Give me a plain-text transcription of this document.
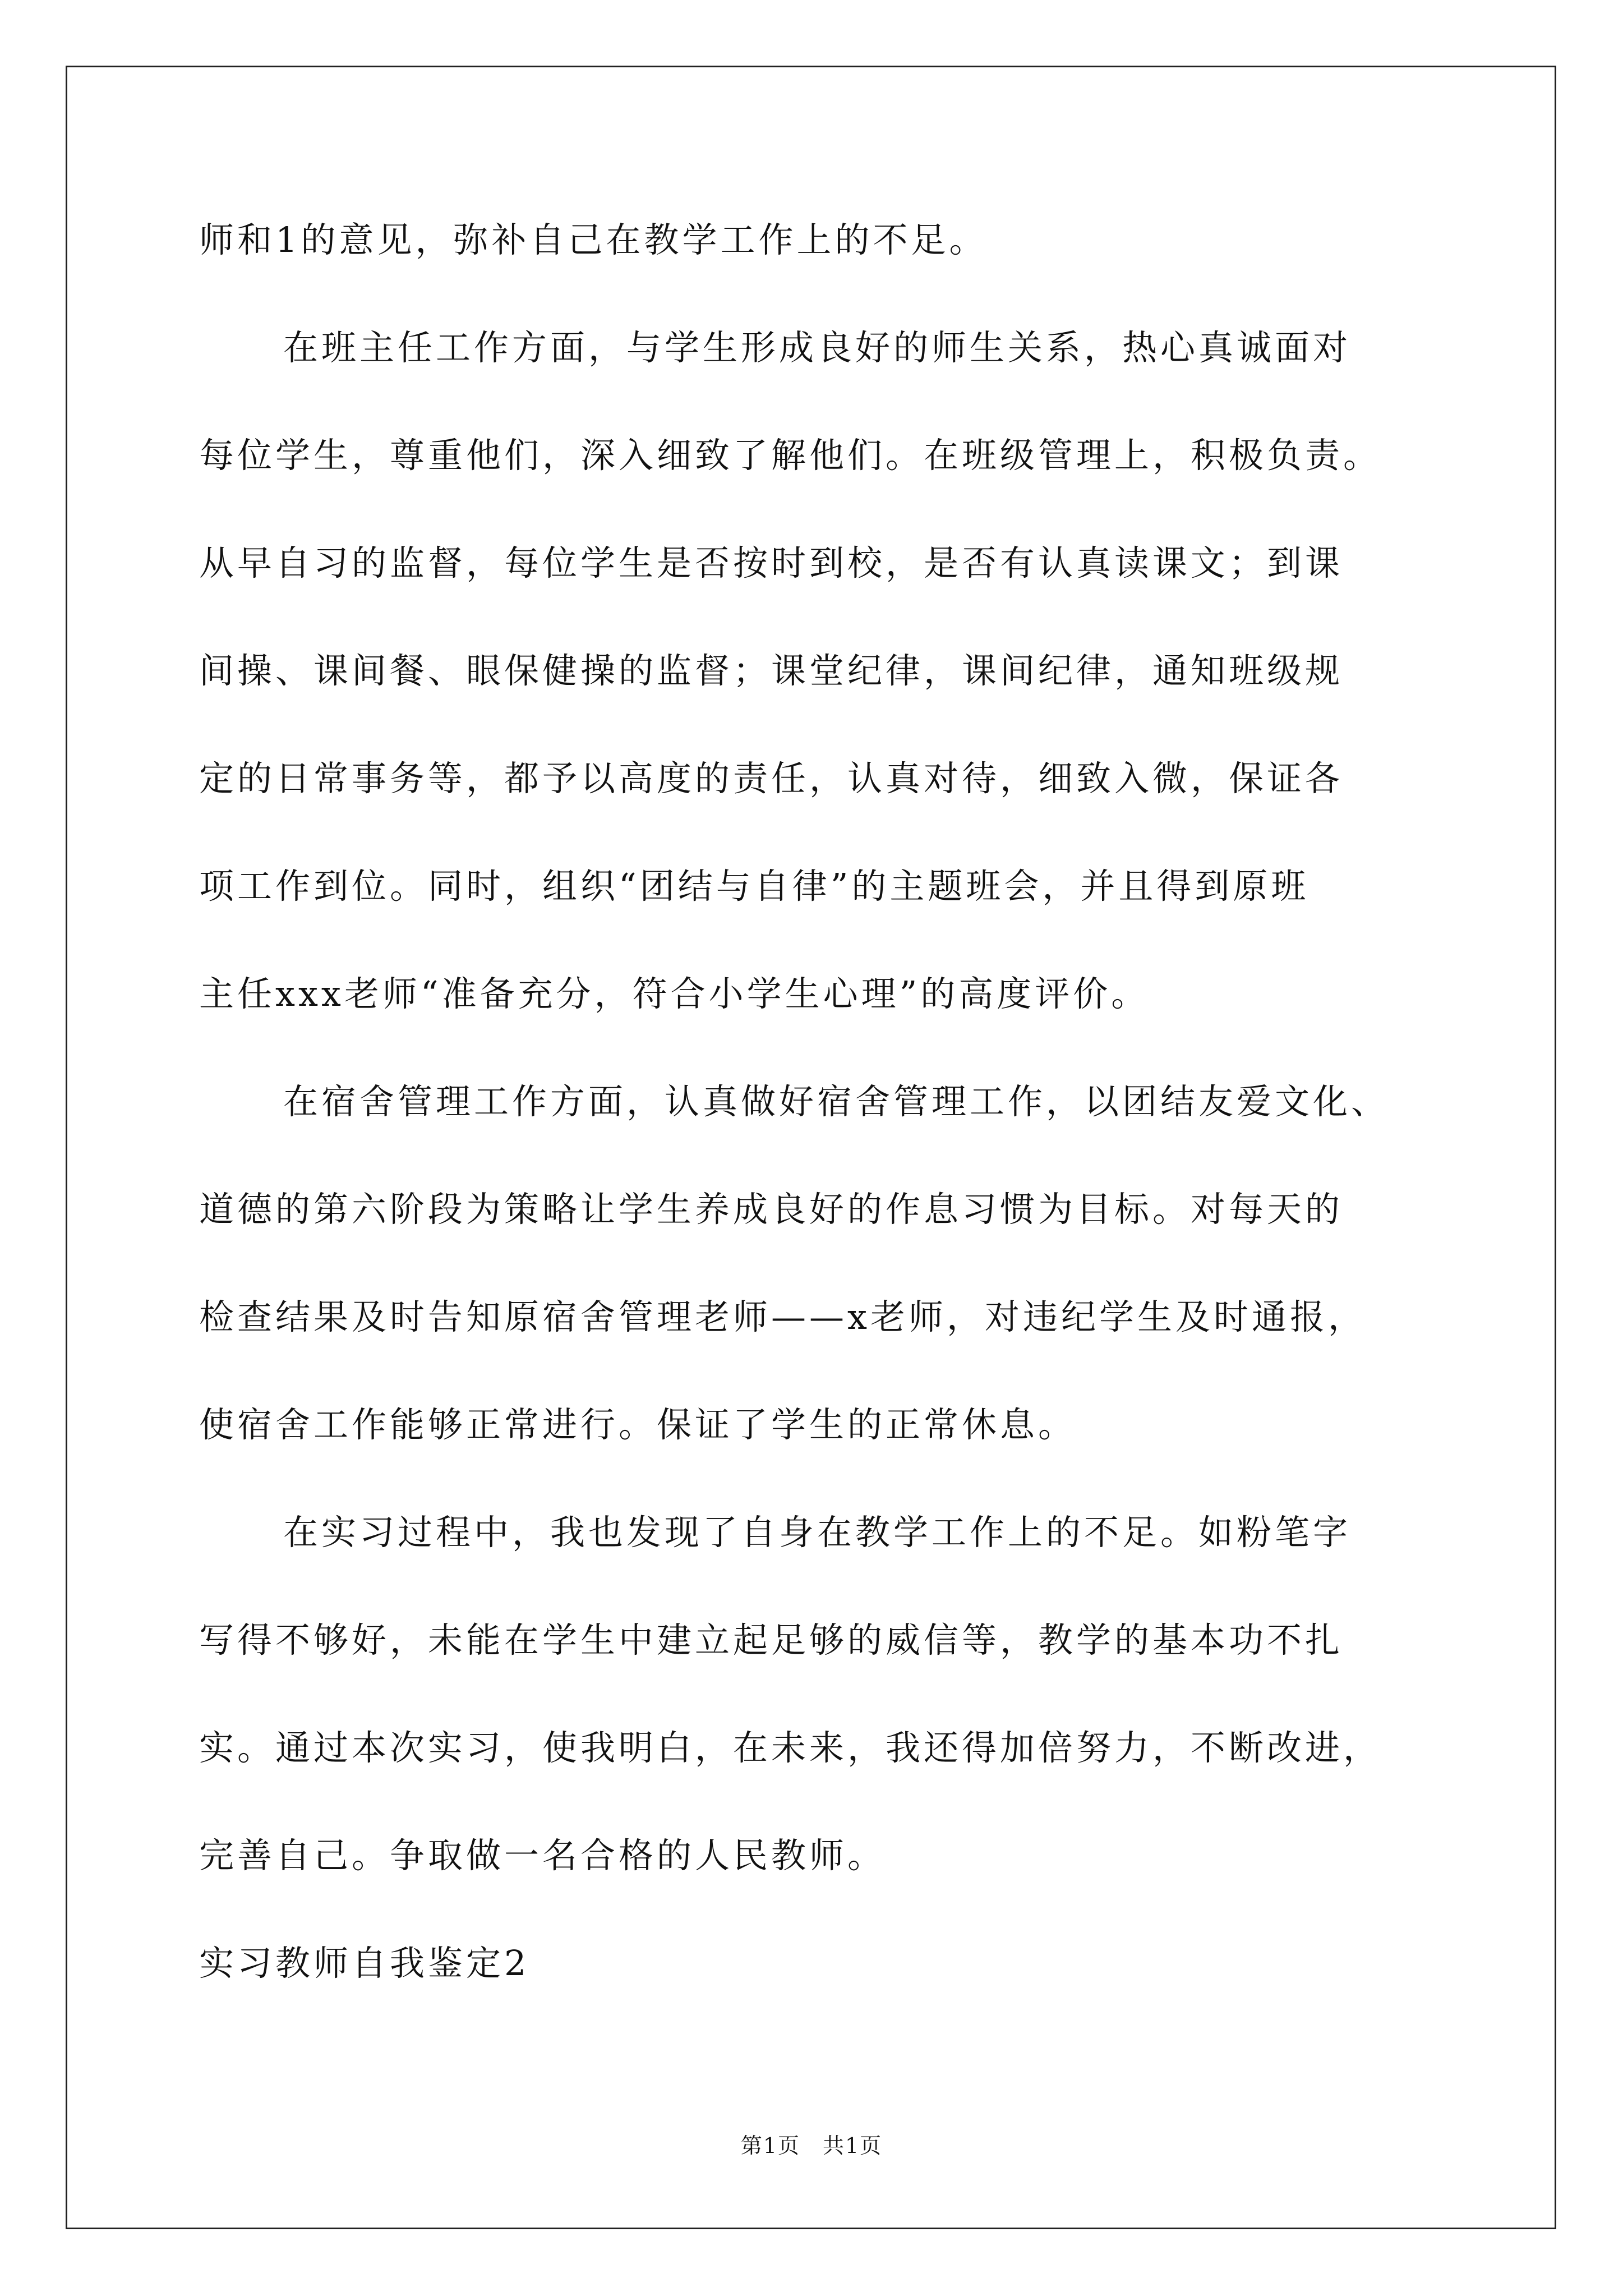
师和1的意见，弥补自己在教学工作上的不足。
在班主任工作方面，与学生形成良好的师生关系，热心真诚面对
每位学生，尊重他们，深入细致了解他们。在班级管理上，积极负责。
从早自习的监督，每位学生是否按时到校，是否有认真读课文；到课
间操、课间餐、眼保健操的监督；课堂纪律，课间纪律，通知班级规
定的日常事务等，都予以高度的责任，认真对待，细致入微，保证各
项工作到位。同时，组织“团结与自律”的主题班会，并且得到原班
主任xxx老师“准备充分，符合小学生心理”的高度评价。
在宿舍管理工作方面，认真做好宿舍管理工作，以团结友爱文化、
道德的第六阶段为策略让学生养成良好的作息习惯为目标。对每天的
检查结果及时告知原宿舍管理老师——x老师，对违纪学生及时通报，
使宿舍工作能够正常进行。保证了学生的正常休息。
在实习过程中，我也发现了自身在教学工作上的不足。如粉笔字
写得不够好，未能在学生中建立起足够的威信等，教学的基本功不扎
实。通过本次实习，使我明白，在未来，我还得加倍努力，不断改进，
完善自己。争取做一名合格的人民教师。
实习教师自我鉴定2
第1页　共1页
